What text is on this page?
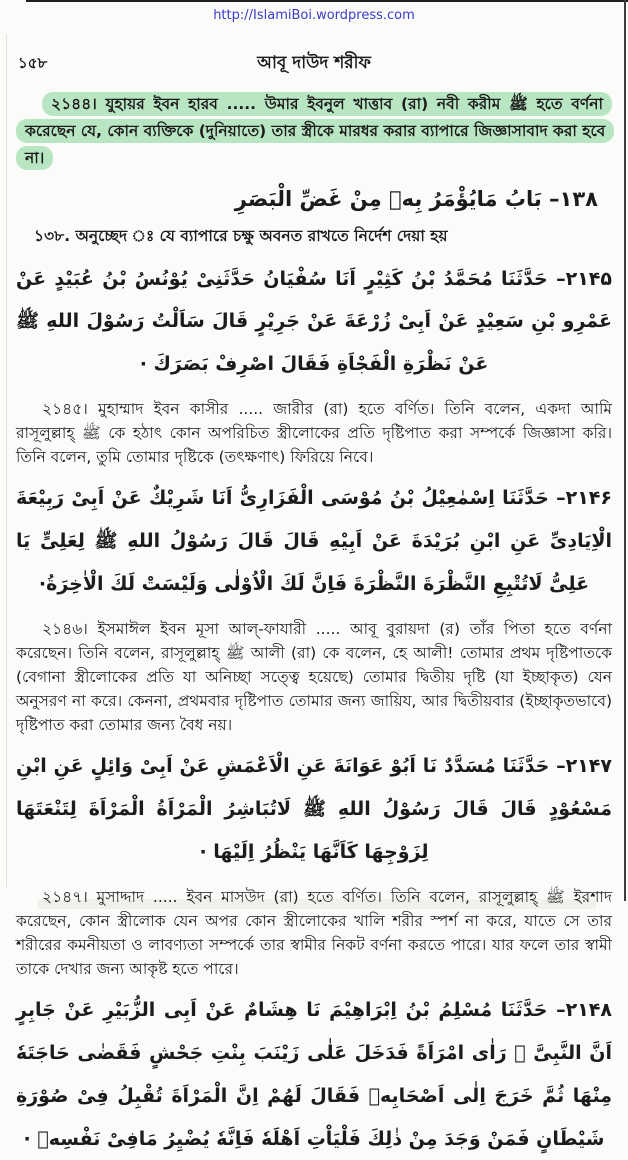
http://IslamiBoi.wordpress.com
১৫৮	আবূ দাউদ শরীফ
২১৪৪। যুহায়র ইবন হারব ..... উমার ইবনুল খাত্তাব (রা) নবী করীম ﷺ হতে বর্ণনা করেছেন যে, কোন ব্যক্তিকে (দুনিয়াতে) তার স্ত্রীকে মারধর করার ব্যাপারে জিজ্ঞাসাবাদ করা হবে না।
۱۳۸– بَابُ مَايُؤْمَرُ بِهٖ مِنْ غَضِّ الْبَصَرِ
১৩৮. অনুচ্ছেদ ঃ যে ব্যাপারে চক্ষু অবনত রাখতে নির্দেশ দেয়া হয়
۲۱۴۵– حَدَّثَنَا مُحَمَّدُ بْنُ كَثِيْرٍ اَنَا سُفْيَانُ حَدَّثَنِىْ يُوْنُسُ بْنُ عُبَيْدٍ عَنْ عَمْرِو بْنِ سَعِيْدٍ عَنْ اَبِىْ زُرْعَةَ عَنْ جَرِيْرٍ قَالَ سَاَلْتُ رَسُوْلَ اللهِ ﷺ عَنْ نَظْرَةِ الْفَجْاَةِ فَقَالَ اصْرِفْ بَصَرَكَ ·
২১৪৫। মুহাম্মাদ ইবন কাসীর ..... জারীর (রা) হতে বর্ণিত। তিনি বলেন, একদা আমি রাসূলুল্লাহ্ ﷺ কে হঠাৎ কোন অপরিচিত স্ত্রীলোকের প্রতি দৃষ্টিপাত করা সম্পর্কে জিজ্ঞাসা করি। তিনি বলেন, তুমি তোমার দৃষ্টিকে (তৎক্ষণাৎ) ফিরিয়ে নিবে।
۲۱۴۶– حَدَّثَنَا اِسْمٰعِيْلُ بْنُ مُوْسَى الْفَزَارِىُّ اَنَا شَرِيْكٌ عَنْ اَبِىْ رَبِيْعَةَ الْاِيَادِىِّ عَنِ ابْنِ بُرَيْدَةَ عَنْ اَبِيْهِ قَالَ قَالَ رَسُوْلُ اللهِ ﷺ لِعَلِىٍّ يَا عَلِىُّ لَاتُتْبِعِ النَّظْرَةَ النَّظْرَةَ فَاِنَّ لَكَ الْاُوْلٰى وَلَيْسَتْ لَكَ الْاٰخِرَةُ·
২১৪৬। ইসমাঈল ইবন মূসা আল্-ফাযারী ..... আবূ বুরায়দা (র) তাঁর পিতা হতে বর্ণনা করেছেন। তিনি বলেন, রাসূলুল্লাহ্ ﷺ আলী (রা) কে বলেন, হে আলী! তোমার প্রথম দৃষ্টিপাতকে (বেগানা স্ত্রীলোকের প্রতি যা অনিচ্ছা সত্ত্বে হয়েছে) তোমার দ্বিতীয় দৃষ্টি (যা ইচ্ছাকৃত) যেন অনুসরণ না করে। কেননা, প্রথমবার দৃষ্টিপাত তোমার জন্য জায়িয, আর দ্বিতীয়বার (ইচ্ছাকৃতভাবে) দৃষ্টিপাত করা তোমার জন্য বৈধ নয়।
۲۱۴۷– حَدَّثَنَا مُسَدَّدٌ نَا اَبُوْ عَوَانَةَ عَنِ الْاَعْمَشِ عَنْ اَبِىْ وَائِلٍ عَنِ ابْنِ مَسْعُوْدٍ قَالَ قَالَ رَسُوْلُ اللهِ ﷺ لَاتُبَاشِرُ الْمَرْاَةُ الْمَرْاَةَ لِتَنْعَتَهَا لِزَوْجِهَا كَاَنَّهَا يَنْظُرُ اِلَيْهَا ·
২১৪৭। মুসাদ্দাদ ..... ইবন মাসউদ (রা) হতে বর্ণিত। তিনি বলেন, রাসূলুল্লাহ্ ﷺ ইরশাদ করেছেন, কোন স্ত্রীলোক যেন অপর কোন স্ত্রীলোকের খালি শরীর স্পর্শ না করে, যাতে সে তার শরীরের কমনীয়তা ও লাবণ্যতা সম্পর্কে তার স্বামীর নিকট বর্ণনা করতে পারে। যার ফলে তার স্বামী তাকে দেখার জন্য আকৃষ্ট হতে পারে।
۲۱۴۸– حَدَّثَنَا مُسْلِمُ بْنُ اِبْرَاهِيْمَ نَا هِشَامٌ عَنْ اَبِى الزُّبَيْرِ عَنْ جَابِرٍ اَنَّ النَّبِىَّ ﷺ رَاٰى امْرَاَةً فَدَخَلَ عَلٰى زَيْنَبَ بِنْتِ جَحْشٍ فَقَضٰى حَاجَتَهٗ مِنْهَا ثُمَّ خَرَجَ اِلٰى اَصْحَابِهٖ فَقَالَ لَهُمْ اِنَّ الْمَرْاَةَ تُقْبِلُ فِىْ صُوْرَةِ شَيْطَانٍ فَمَنْ وَجَدَ مِنْ ذٰلِكَ فَلْيَاْتِ اَهْلَهٗ فَاِنَّهٗ يُضْيِرُ مَافِىْ نَفْسِهٖ ·
